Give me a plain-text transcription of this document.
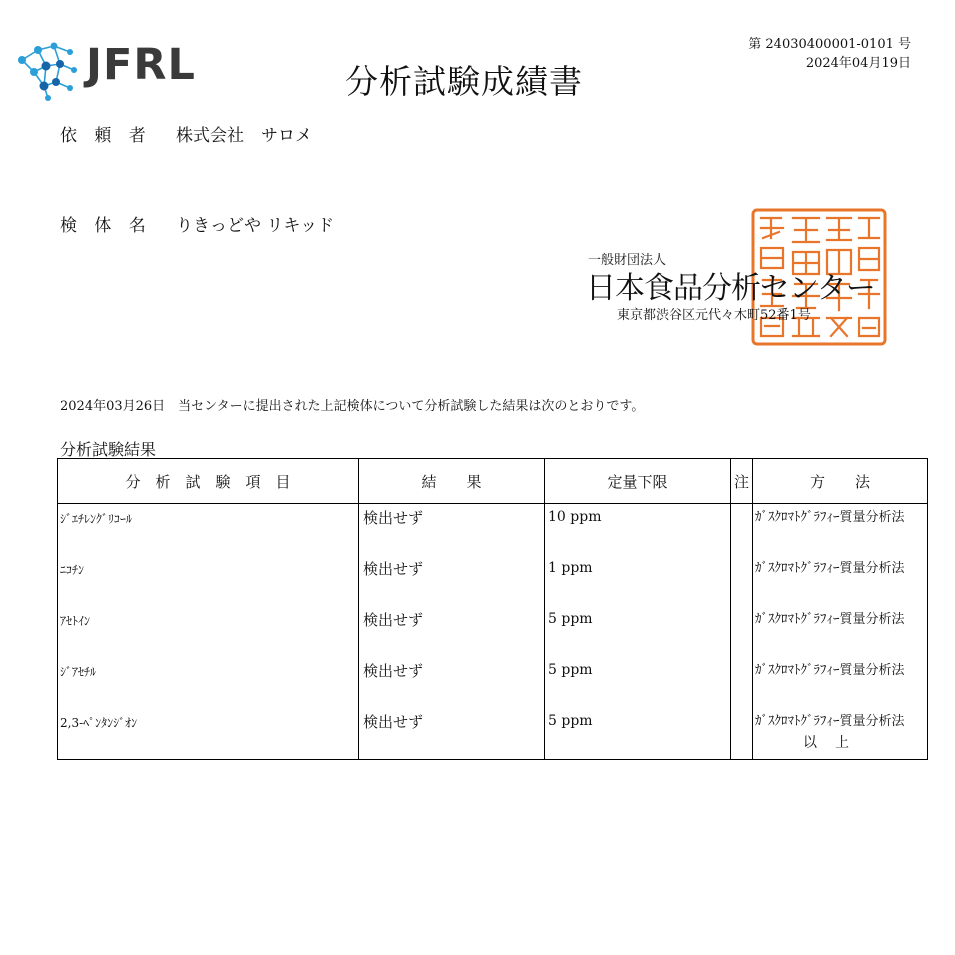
JFRL	分析試験成績書
第 24030400001-0101 号
2024年04月19日
依 頼 者 株式会社　サロメ
検 体 名 りきっどや リキッド
一般財団法人
日本食品分析センター
東京都渋谷区元代々木町52番1号
2024年03月26日　当センターに提出された上記検体について分析試験した結果は次のとおりです。
分析試験結果
分　析　試　験　項　目	結　　果	定量下限	注	方　　法
ｼﾞｴﾁﾚﾝｸﾞﾘｺｰﾙ	検出せず	10 ppm		ｶﾞｽｸﾛﾏﾄｸﾞﾗﾌｨｰ質量分析法
ﾆｺﾁﾝ	検出せず	1 ppm		ｶﾞｽｸﾛﾏﾄｸﾞﾗﾌｨｰ質量分析法
ｱｾﾄｲﾝ	検出せず	5 ppm		ｶﾞｽｸﾛﾏﾄｸﾞﾗﾌｨｰ質量分析法
ｼﾞｱｾﾁﾙ	検出せず	5 ppm		ｶﾞｽｸﾛﾏﾄｸﾞﾗﾌｨｰ質量分析法
2,3-ﾍﾟﾝﾀﾝｼﾞｵﾝ	検出せず	5 ppm		ｶﾞｽｸﾛﾏﾄｸﾞﾗﾌｨｰ質量分析法
以上
